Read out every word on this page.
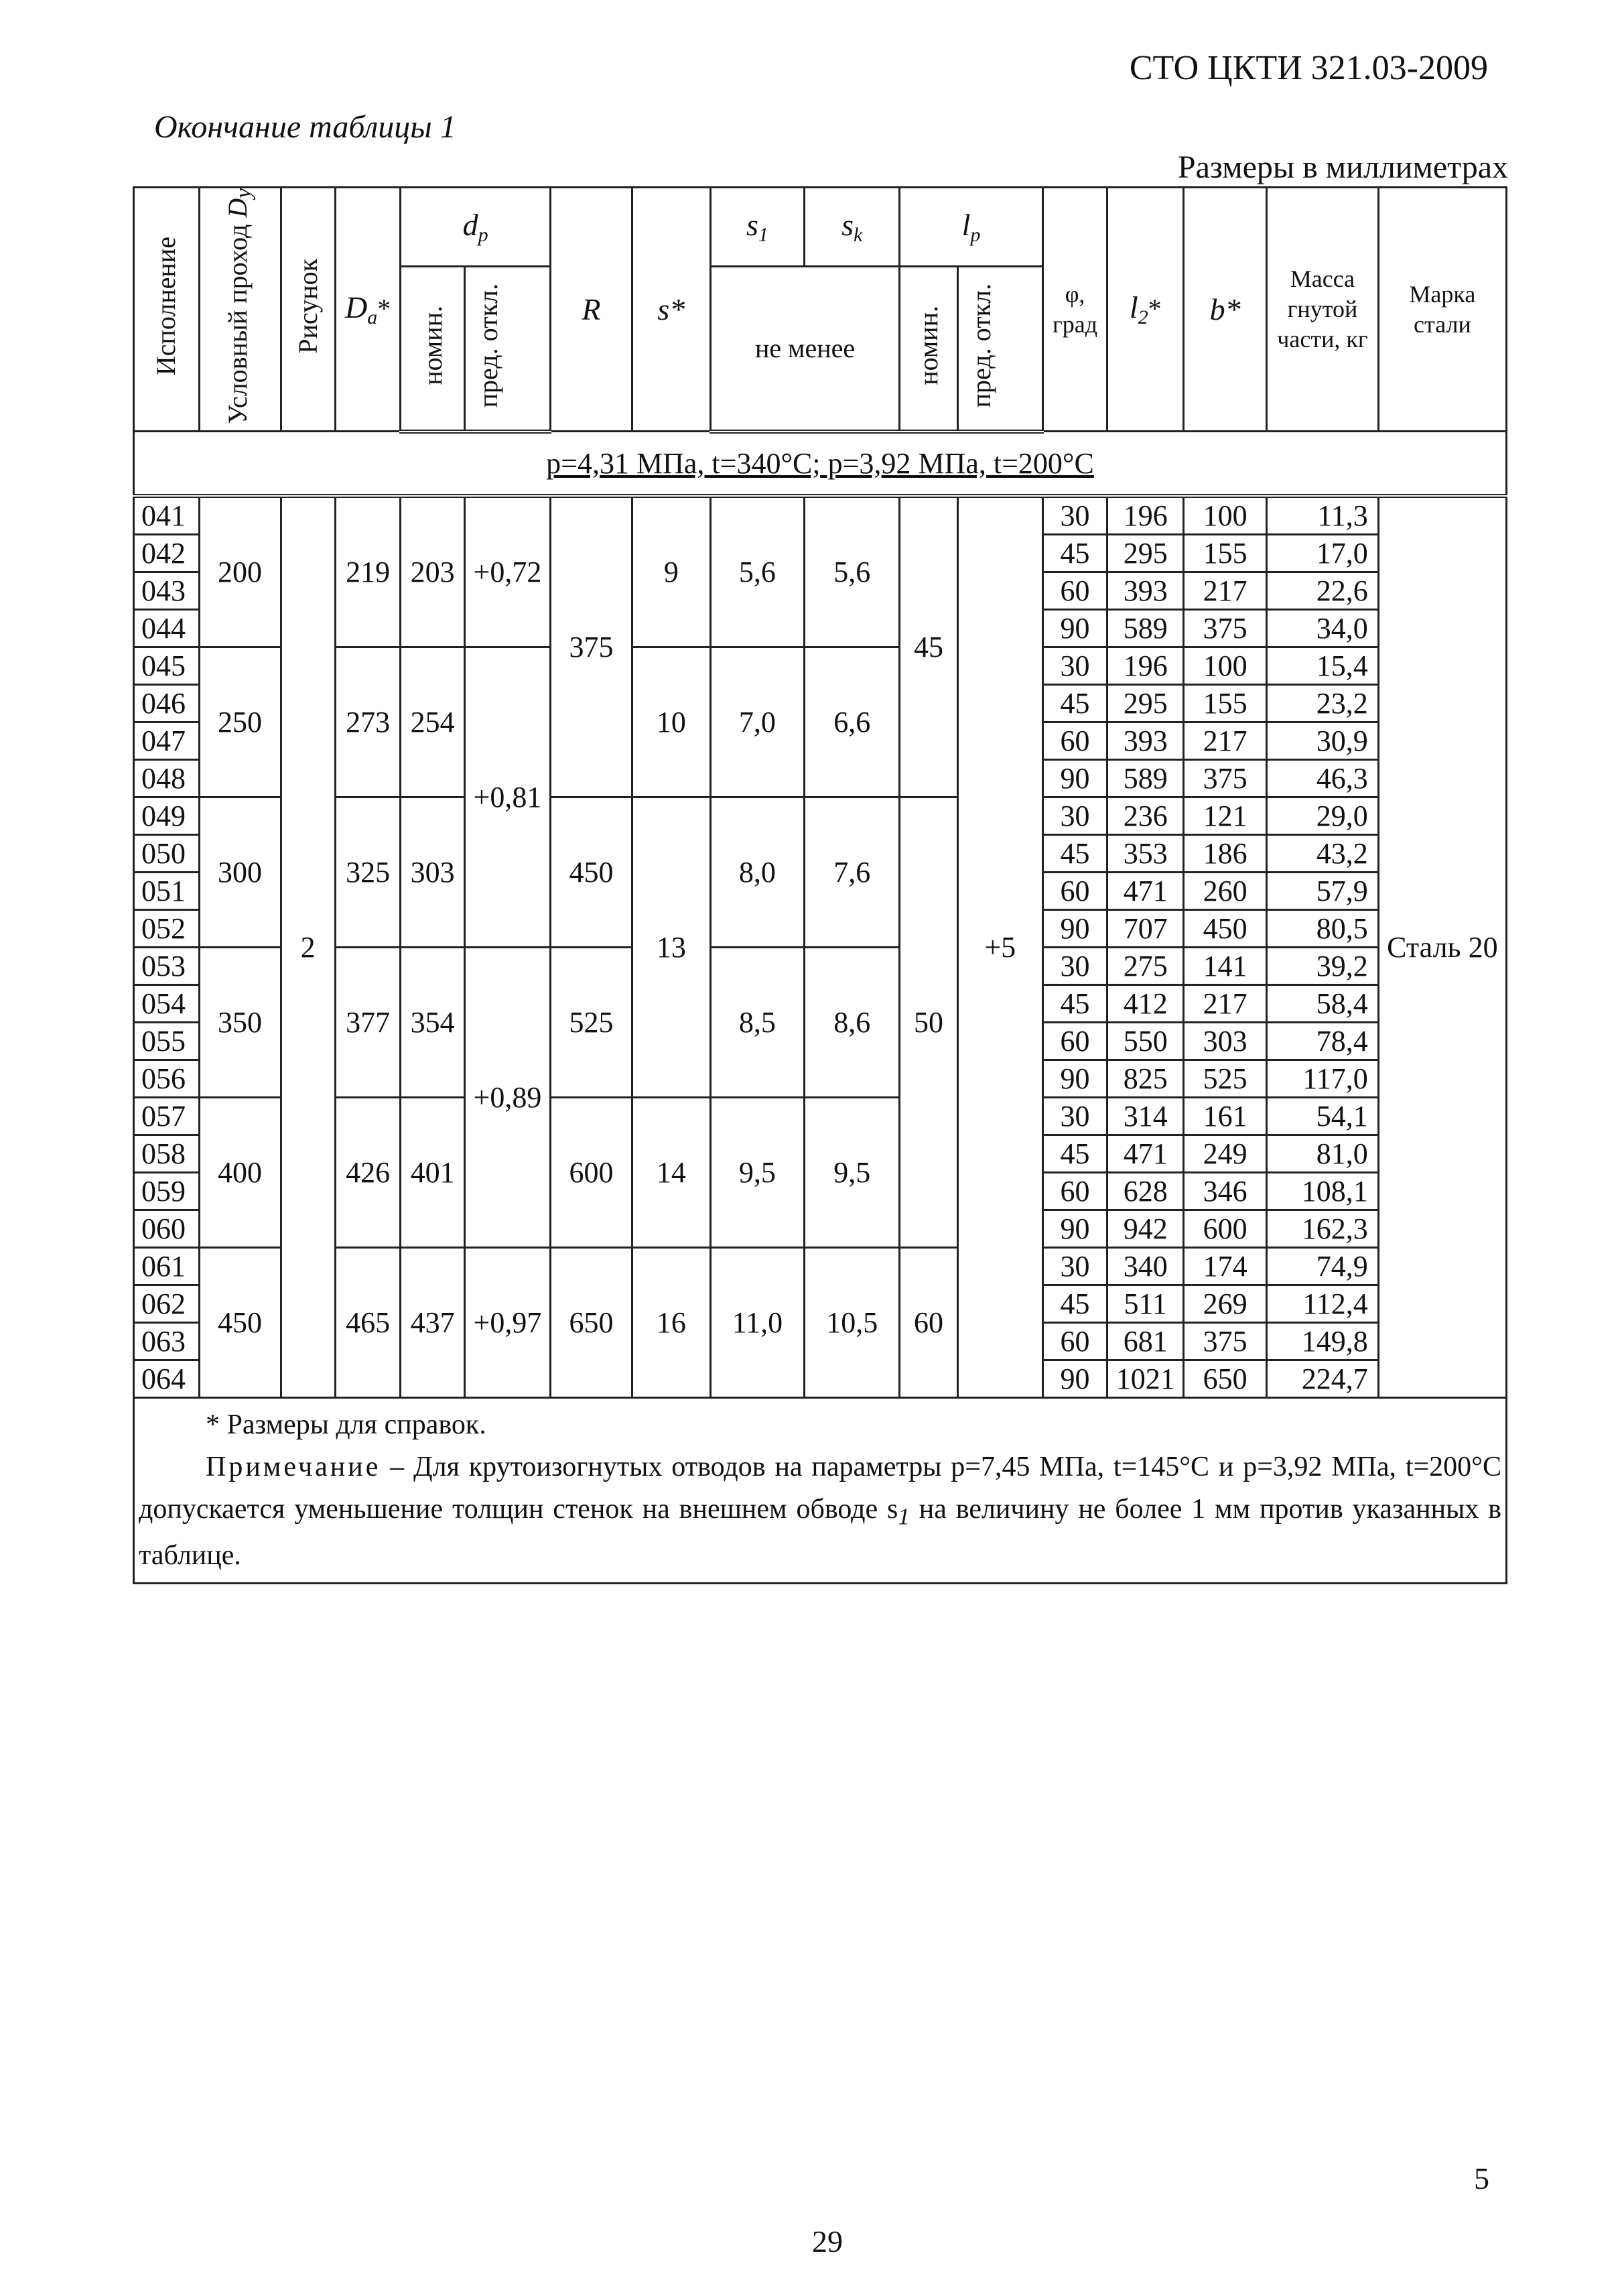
СТО ЦКТИ 321.03-2009
Окончание таблицы 1
Размеры в миллиметрах
Исполнение	Условный проход $D_y$	Рисунок	$D_a*$	$d_p$		R	s*	$s_1$	$s_k$	$l_p$		φ, град	$l_2*$	b*	Масса гнутой части, кг	Марка стали
				номин.	пред. откл.			не менее		номин.	пред. откл.				
p=4,31 МПа, t=340°C; p=3,92 МПа, t=200°C																
041	200	2	219	203	+0,72	375	9	5,6	5,6	45	+5	30	196	100	11,3	Сталь 20
042												45	295	155	17,0	
043												60	393	217	22,6	
044												90	589	375	34,0	
045	250		273	254	+0,81		10	7,0	6,6			30	196	100	15,4	
046												45	295	155	23,2	
047												60	393	217	30,9	
048												90	589	375	46,3	
049	300		325	303		450	13	8,0	7,6	50		30	236	121	29,0	
050												45	353	186	43,2	
051												60	471	260	57,9	
052												90	707	450	80,5	
053	350		377	354	+0,89	525		8,5	8,6			30	275	141	39,2	
054												45	412	217	58,4	
055												60	550	303	78,4	
056												90	825	525	117,0	
057	400		426	401		600	14	9,5	9,5			30	314	161	54,1	
058												45	471	249	81,0	
059												60	628	346	108,1	
060												90	942	600	162,3	
061	450		465	437	+0,97	650	16	11,0	10,5	60		30	340	174	74,9	
062												45	511	269	112,4	
063												60	681	375	149,8	
064												90	1021	650	224,7	

* Размеры для справок.
Примечание – Для крутоизогнутых отводов на параметры p=7,45 МПа, t=145°C и p=3,92 МПа, t=200°C допускается уменьшение толщин стенок на внешнем обводе $s_1$ на величину не более 1 мм против указанных в таблице.																
5
29
